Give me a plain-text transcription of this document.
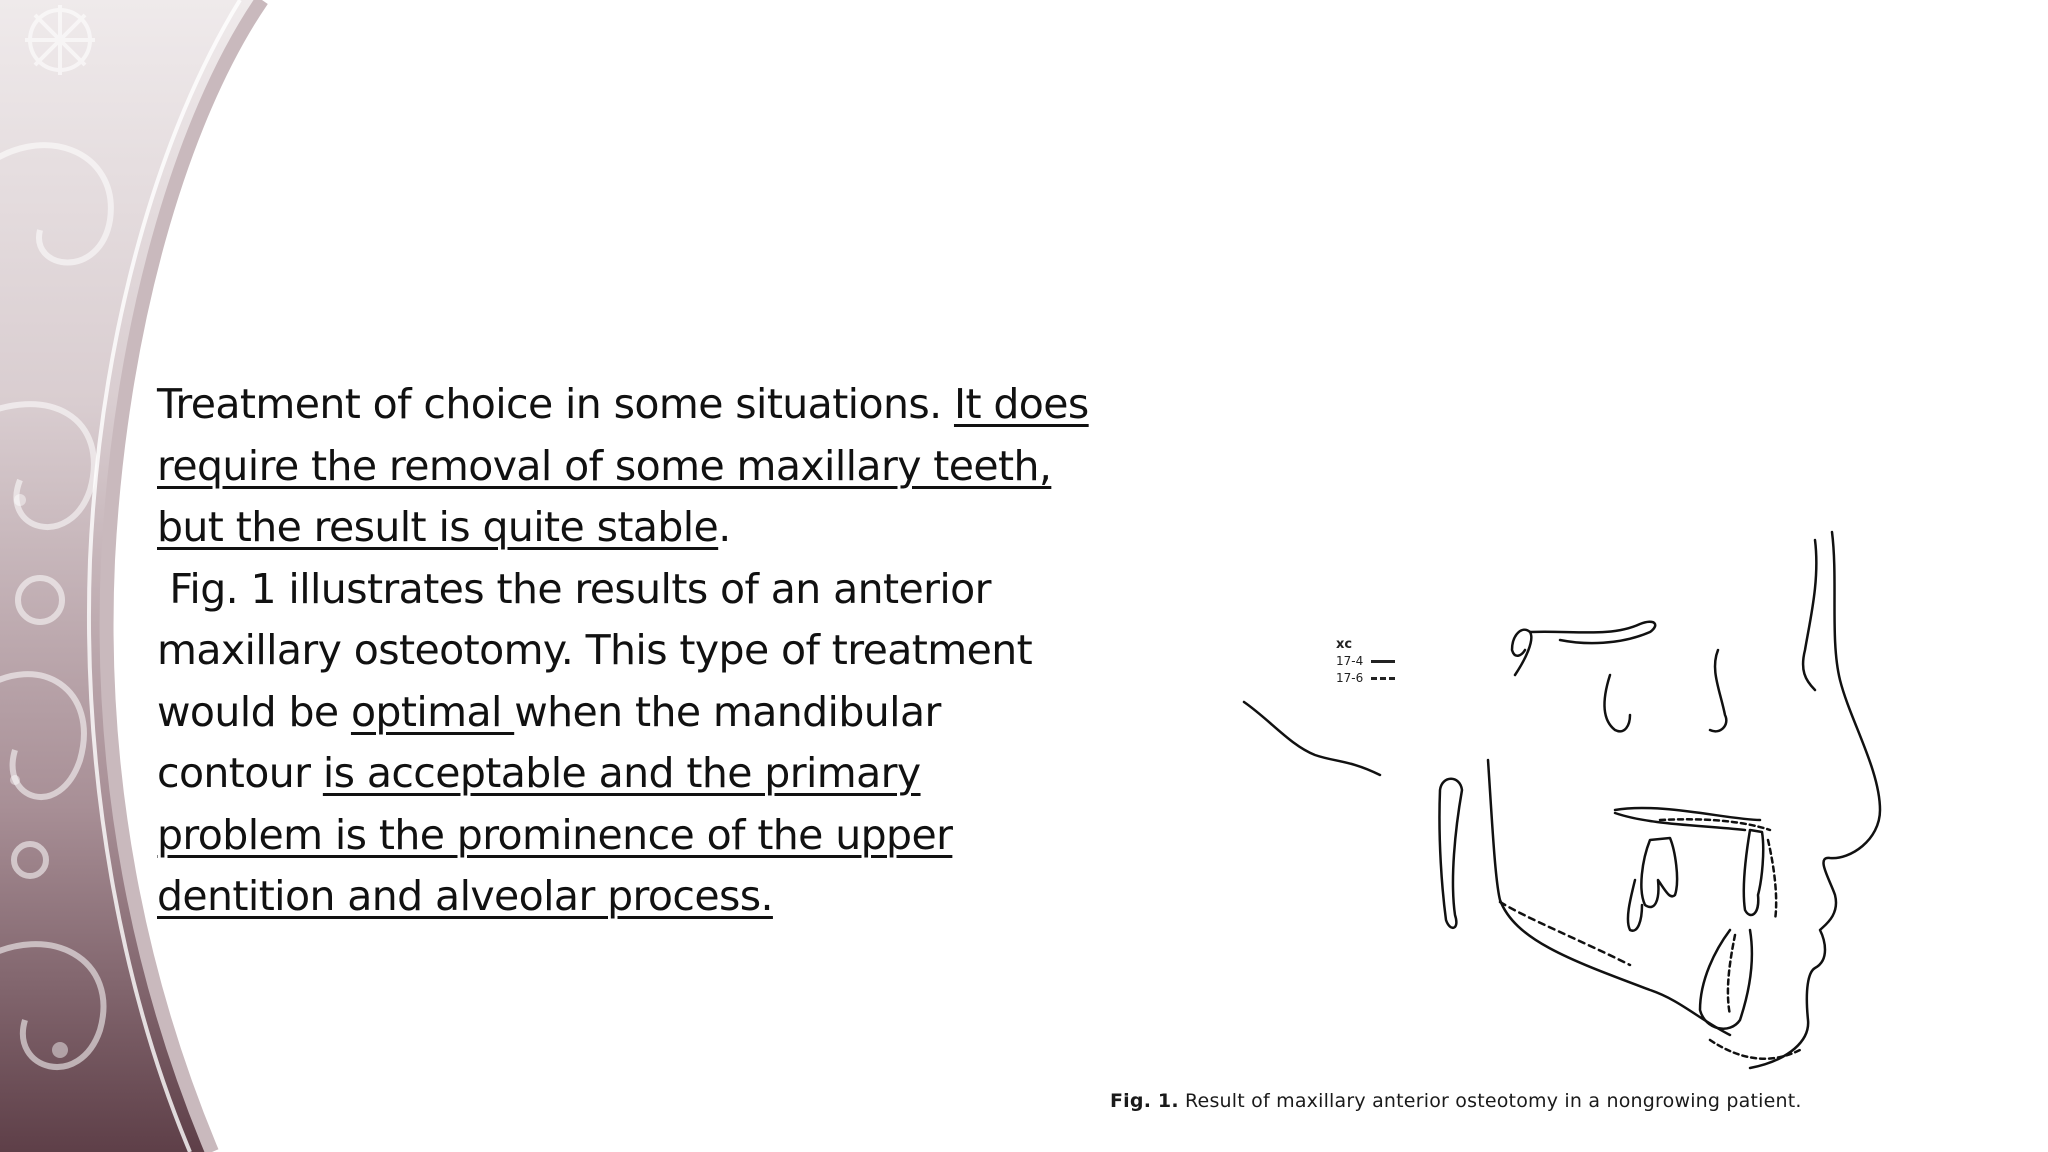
Treatment of choice in some situations. It does
require the removal of some maxillary teeth,
but the result is quite stable.
Fig. 1 illustrates the results of an anterior
maxillary osteotomy. This type of treatment
would be optimal when the mandibular
contour is acceptable and the primary
problem is the prominence of the upper
dentition and alveolar process.
xc
17-4
17-6
Fig. 1. Result of maxillary anterior osteotomy in a nongrowing patient.
